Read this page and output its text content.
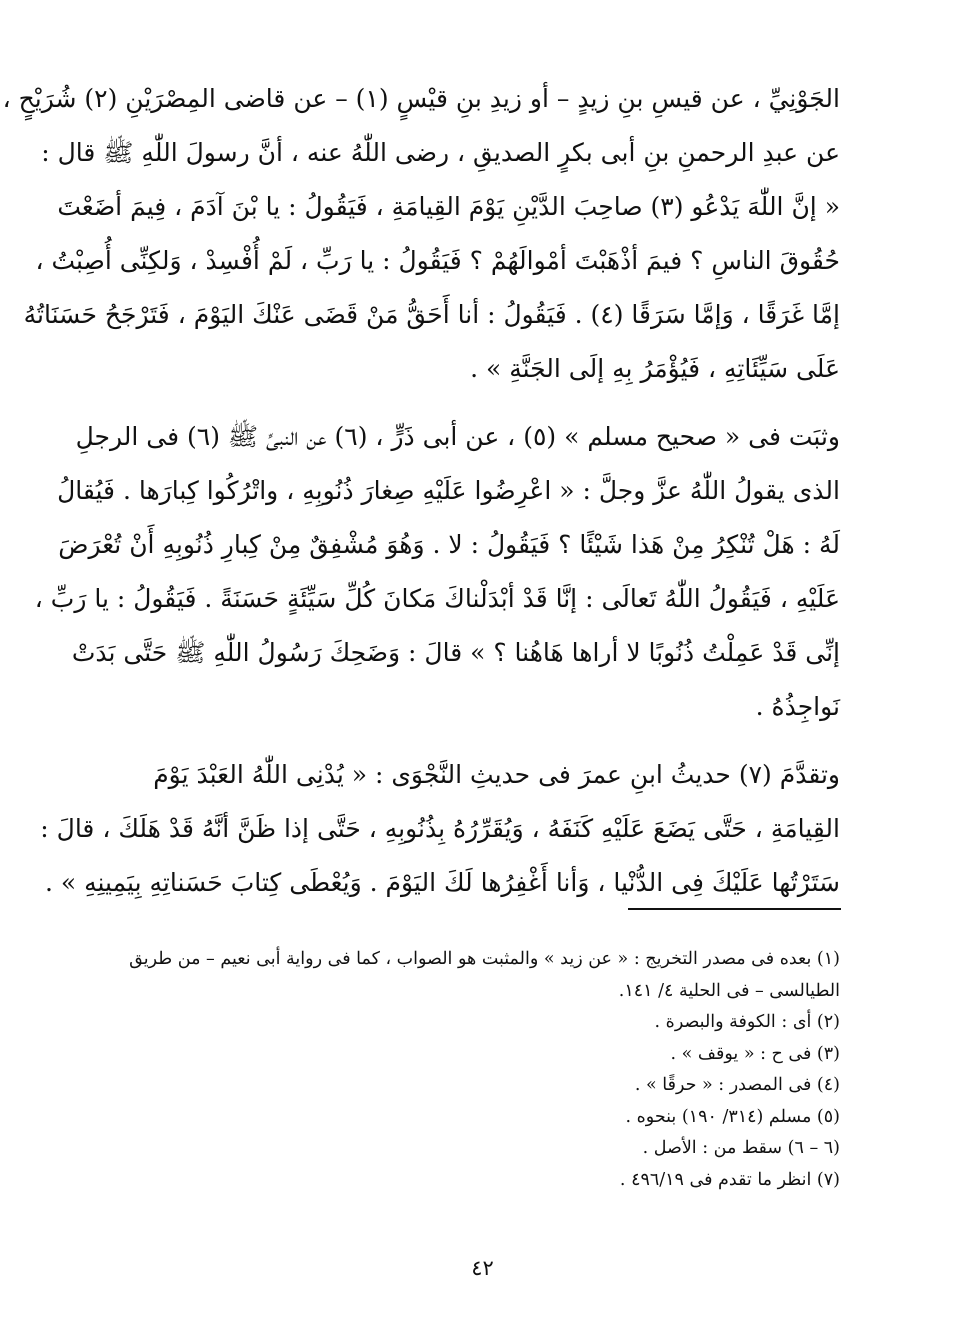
الجَوْنِيِّ ، عن قيسِ بنِ زيدٍ – أو زيدِ بنِ قيْسٍ (١) – عن قاضى المِصْرَيْنِ (٢) شُرَيْحٍ ،
عن عبدِ الرحمنِ بنِ أبى بكرٍ الصديقِ ، رضى اللّٰهُ عنه ، أنَّ رسولَ اللّٰهِ ﷺ قال :
« إنَّ اللّٰهَ يَدْعُو (٣) صاحِبَ الدَّيْنِ يَوْمَ القِيامَةِ ، فَيَقُولُ : يا بْنَ آدَمَ ، فِيمَ أضَعْتَ
حُقُوقَ الناسِ ؟ فيمَ أذْهَبْتَ أمْوالَهُمْ ؟ فَيَقُولُ : يا رَبِّ ، لَمْ أُفْسِدْ ، وَلكِنِّى أُصِبْتُ ،
إمَّا غَرَقًا ، وَإمَّا سَرَقًا (٤) . فَيَقُولُ : أنا أَحَقُّ مَنْ قَضَى عَنْكَ اليَوْمَ ، فَتَرْجَحُ حَسَنَاتُهُ
عَلَى سَيِّئَاتِهِ ، فَيُؤْمَرُ بِهِ إلَى الجَنَّةِ » .
وثبَت فى « صحيح مسلم » (٥) ، عن أبى ذَرٍّ ، (٦) عن النبىِّ ﷺ (٦) فى الرجلِ
الذى يقولُ اللّٰهُ عزَّ وجلَّ : « اعْرِضُوا عَلَيْهِ صِغارَ ذُنُوبِهِ ، واتْرُكُوا كِبارَها . فَيُقالُ
لَهُ : هَلْ تُنْكِرُ مِنْ هَذا شَيْئًا ؟ فَيَقُولُ : لا . وَهُوَ مُشْفِقٌ مِنْ كِبارِ ذُنُوبِهِ أَنْ تُعْرَضَ
عَلَيْهِ ، فَيَقُولُ اللّٰهُ تَعالَى : إنَّا قَدْ أبْدَلْناكَ مَكانَ كُلِّ سَيِّئَةٍ حَسَنَةً . فَيَقُولُ : يا رَبِّ ،
إنِّى قَدْ عَمِلْتُ ذُنُوبًا لا أراها هَاهُنا ؟ » قالَ : وَضَحِكَ رَسُولُ اللّٰهِ ﷺ حَتَّى بَدَتْ
نَواجِذُهُ .
وتقدَّمَ (٧) حديثُ ابنِ عمرَ فى حديثِ النَّجْوَى : « يُدْنِى اللّٰهُ العَبْدَ يَوْمَ
القِيامَةِ ، حَتَّى يَضَعَ عَلَيْهِ كَنَفَهُ ، وَيُقَرِّرُهُ بِذُنُوبِهِ ، حَتَّى إذا ظَنَّ أنَّهُ قَدْ هَلَكَ ، قالَ :
سَتَرْتُها عَلَيْكَ فِى الدُّنْيا ، وَأنا أَغْفِرُها لَكَ اليَوْمَ . وَيُعْطَى كِتابَ حَسَناتِهِ بِيَمِينِهِ » .
(١) بعده فى مصدر التخريج : « عن زيد » والمثبت هو الصواب ، كما فى رواية أبى نعيم – من طريق
الطيالسى – فى الحلية ٤/ ١٤١.
(٢) أى : الكوفة والبصرة .
(٣) فى ح : « يوقف » .
(٤) فى المصدر : « حرقًا » .
(٥) مسلم (٣١٤/ ١٩٠) بنحوه .
(٦ – ٦) سقط من : الأصل .
(٧) انظر ما تقدم فى ٤٩٦/١٩ .
٤٢
